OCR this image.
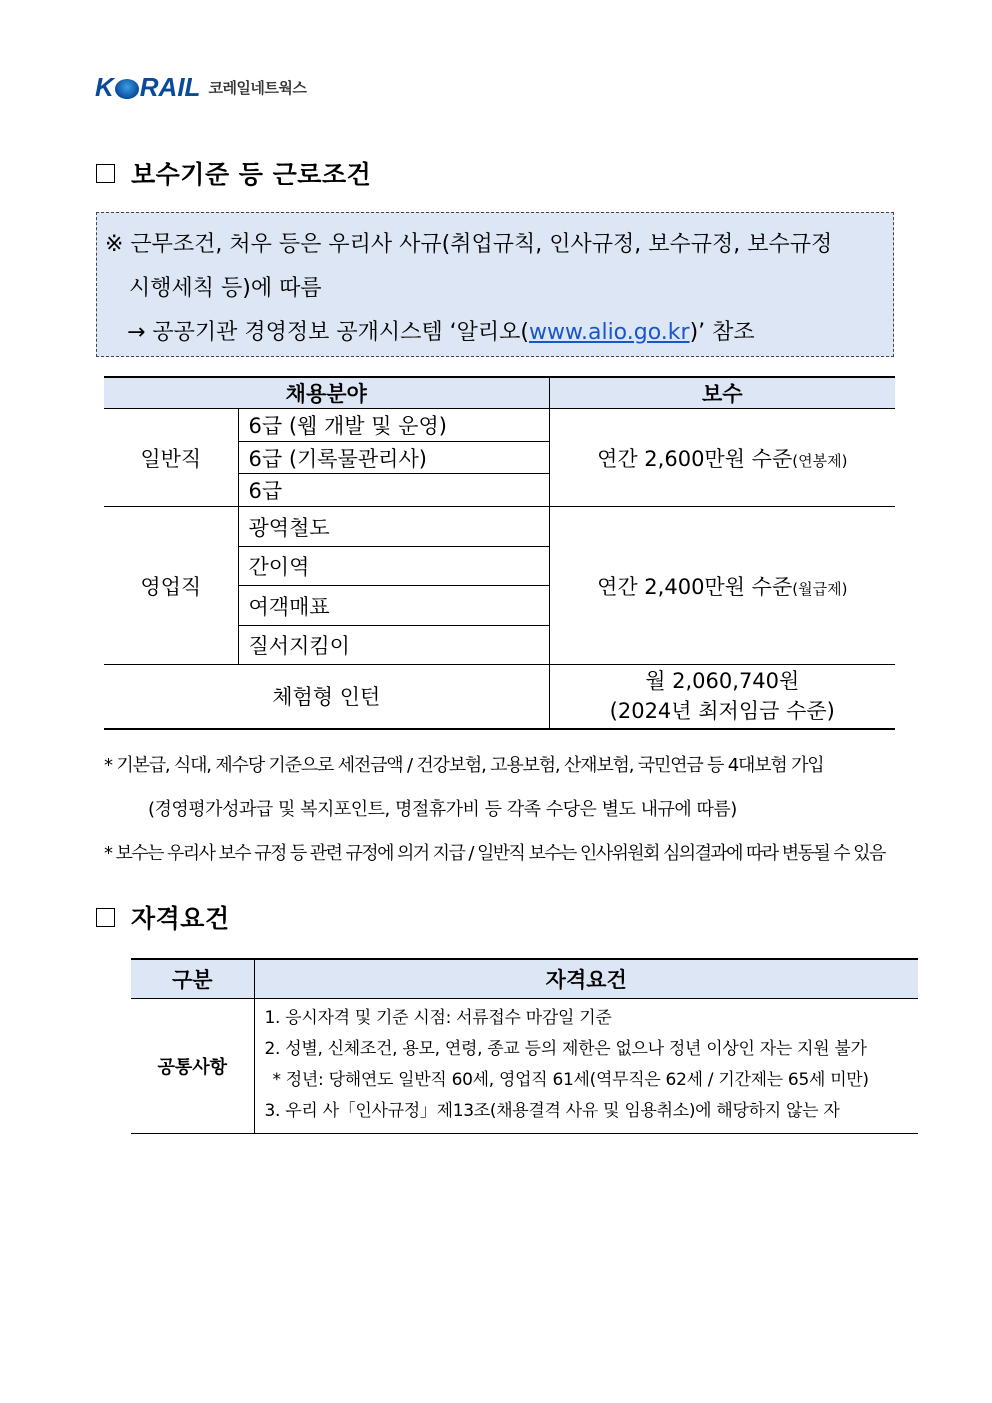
K RAIL 코레일네트웍스
보수기준 등 근로조건
※ 근무조건, 처우 등은 우리사 사규(취업규칙, 인사규정, 보수규정, 보수규정
시행세칙 등)에 따름
→ 공공기관 경영정보 공개시스템 ‘알리오(www.alio.go.kr)’ 참조
채용분야		보수
일반직	6급 (웹 개발 및 운영)	연간 2,600만원 수준(연봉제)
	6급 (기록물관리사)	
	6급	
영업직	광역철도	연간 2,400만원 수준(월급제)
	간이역	
	여객매표	
	질서지킴이	
체험형 인턴		월 2,060,740원
(2024년 최저임금 수준)
* 기본급, 식대, 제수당 기준으로 세전금액 / 건강보험, 고용보험, 산재보험, 국민연금 등 4대보험 가입
(경영평가성과급 및 복지포인트, 명절휴가비 등 각족 수당은 별도 내규에 따름)
* 보수는 우리사 보수 규정 등 관련 규정에 의거 지급 / 일반직 보수는 인사위원회 심의결과에 따라 변동될 수 있음
자격요건
구분	자격요건
공통사항	1. 응시자격 및 기준 시점: 서류접수 마감일 기준
2. 성별, 신체조건, 용모, 연령, 종교 등의 제한은 없으나 정년 이상인 자는 지원 불가
* 정년: 당해연도 일반직 60세, 영업직 61세(역무직은 62세 / 기간제는 65세 미만)
3. 우리 사「인사규정」제13조(채용결격 사유 및 임용취소)에 해당하지 않는 자
